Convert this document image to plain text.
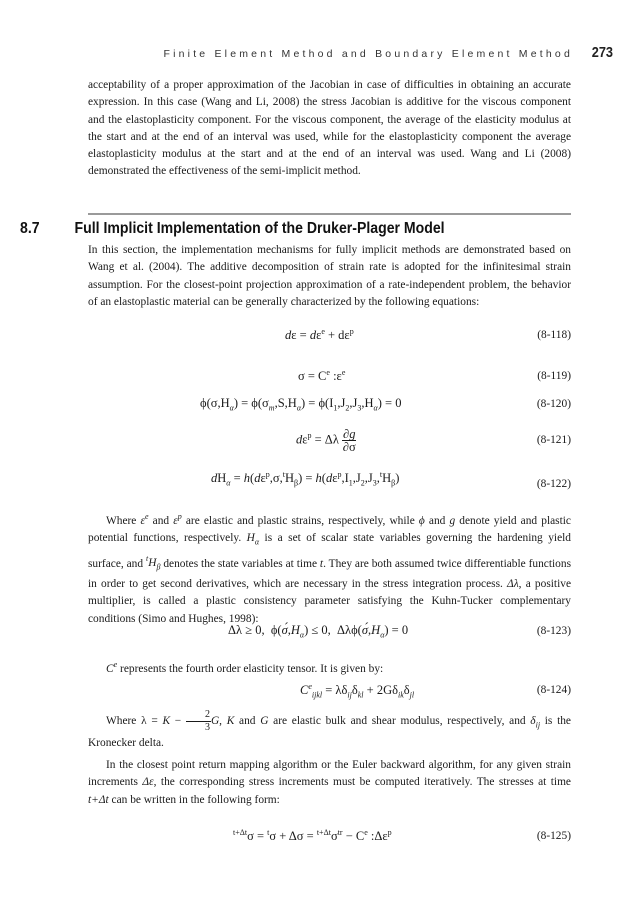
Finite Element Method and Boundary Element Method 273

acceptability of a proper approximation of the Jacobian in case of difficulties in obtaining an accurate expression. In this case (Wang and Li, 2008) the stress Jacobian is additive for the viscous component and the elastoplasticity component. For the viscous component, the average of the elasticity modulus at the start and at the end of an interval was used, while for the elastoplasticity component the average elastoplasticity modulus at the start and at the end of an interval was used. Wang and Li (2008) demonstrated the effectiveness of the semi-implicit method.

8.7 Full Implicit Implementation of the Druker-Plager Model

In this section, the implementation mechanisms for fully implicit methods are demonstrated based on Wang et al. (2004). The additive decomposition of strain rate is adopted for the infinitesimal strain assumption. For the closest-point projection approximation of a rate-independent problem, the behavior of an elastoplastic material can be generally characterized by the following equations:

$d\varepsilon = d\varepsilon^e + d\varepsilon^p$	(8-118)
$\sigma = C^e$ $:\varepsilon^e$	(8-119)
$\phi(\sigma,H_\alpha) = \phi(\sigma_m,S,H_\alpha) = \phi(I_1,J_2,J_3,H_\alpha) = 0$	(8-120)
$d\varepsilon^p = \Delta\lambda \frac{\partial g}{\partial\sigma}$	(8-121)
$dH_\alpha = h(d\varepsilon^p,\sigma,^tH_\beta) = h(d\varepsilon^p,I_1,J_2,J_3,^tH_\beta)$	(8-122)

Where $\varepsilon^e$ and $\varepsilon^p$ are elastic and plastic strains, respectively, while ϕ and g denote yield and plastic potential functions, respectively. $H_\alpha$ is a set of scalar state variables governing the hardening yield surface, and $^tH_\beta$ denotes the state variables at time t. They are both assumed twice differentiable functions in order to get second derivatives, which are necessary in the stress integration process. Δλ, a positive multiplier, is called a plastic consistency parameter satisfying the Kuhn-Tucker complementary conditions (Simo and Hughes, 1998):

Δλ ≥ 0,  $\phi(\sigmá,H_\alpha) \le 0$,  $\Delta\lambda\phi(\sigmá,H_\alpha) = 0$	(8-123)

Ce represents the fourth order elasticity tensor. It is given by:

$C^e_{ijkl} = \lambda\delta_{ij}\delta_{kl} + 2G\delta_{ik}\delta_{jl}$	(8-124)

Where $\lambda = K - \frac{2}{3} G$, K and G are elastic bulk and shear modulus, respectively, and $\delta_{ij}$ is the Kronecker delta.

In the closest point return mapping algorithm or the Euler backward algorithm, for any given strain increments Δε, the corresponding stress increments must be computed iteratively. The stresses at time t+Δt can be written in the following form:

$^{t+\Delta t}\sigma = ^t\sigma + \Delta\sigma = ^{t+\Delta t}\sigma^{tr} - C^e$ $:\Delta\varepsilon^p$	(8-125)
